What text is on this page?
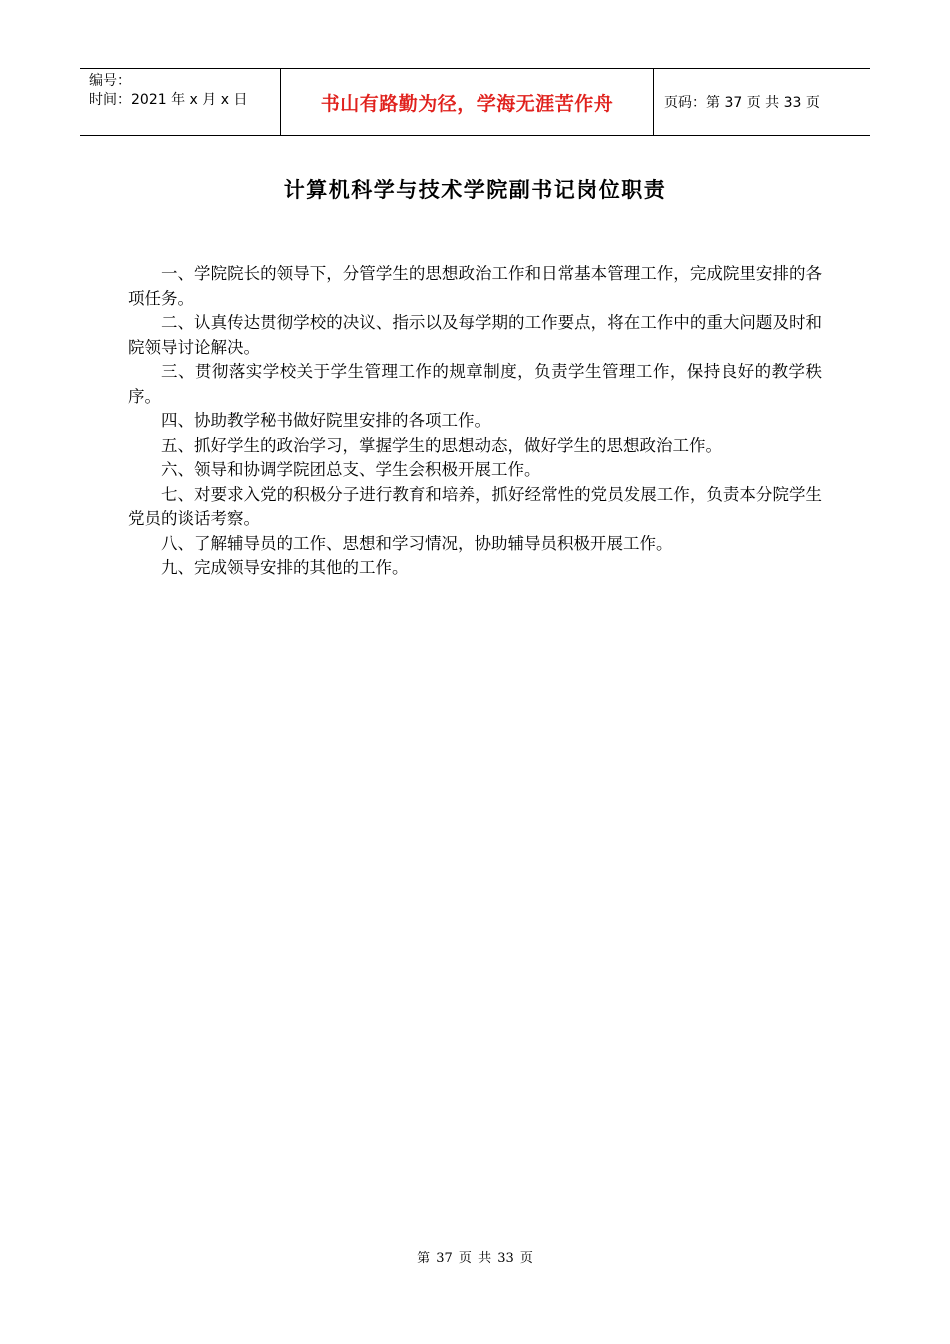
编号：
时间：2021 年 x 月 x 日	书山有路勤为径，学海无涯苦作舟	页码：第 37 页 共 33 页
计算机科学与技术学院副书记岗位职责

一、学院院长的领导下，分管学生的思想政治工作和日常基本管理工作，完成院里安排的各项任务。

二、认真传达贯彻学校的决议、指示以及每学期的工作要点，将在工作中的重大问题及时和院领导讨论解决。

三、贯彻落实学校关于学生管理工作的规章制度，负责学生管理工作，保持良好的教学秩序。

四、协助教学秘书做好院里安排的各项工作。

五、抓好学生的政治学习，掌握学生的思想动态，做好学生的思想政治工作。

六、领导和协调学院团总支、学生会积极开展工作。

七、对要求入党的积极分子进行教育和培养，抓好经常性的党员发展工作，负责本分院学生党员的谈话考察。

八、了解辅导员的工作、思想和学习情况，协助辅导员积极开展工作。

九、完成领导安排的其他的工作。

第 37 页 共 33 页
